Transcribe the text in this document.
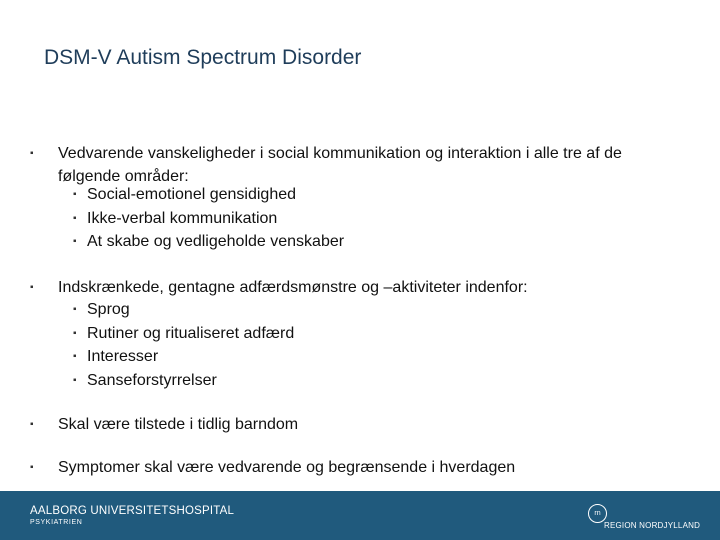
DSM-V Autism Spectrum Disorder
▪	Vedvarende vanskeligheder i social kommunikation og interaktion i alle tre af de følgende områder:
▪ Social-emotionel gensidighed
▪ Ikke-verbal kommunikation
▪ At skabe og vedligeholde venskaber
▪	Indskrænkede, gentagne adfærdsmønstre og –aktiviteter indenfor:
▪ Sprog
▪ Rutiner og ritualiseret adfærd
▪ Interesser
▪ Sanseforstyrrelser
▪	Skal være tilstede i tidlig barndom
▪	Symptomer skal være vedvarende og begrænsende i hverdagen
AALBORG UNIVERSITETSHOSPITAL
PSYKIATRIEN
rn
REGION NORDJYLLAND
